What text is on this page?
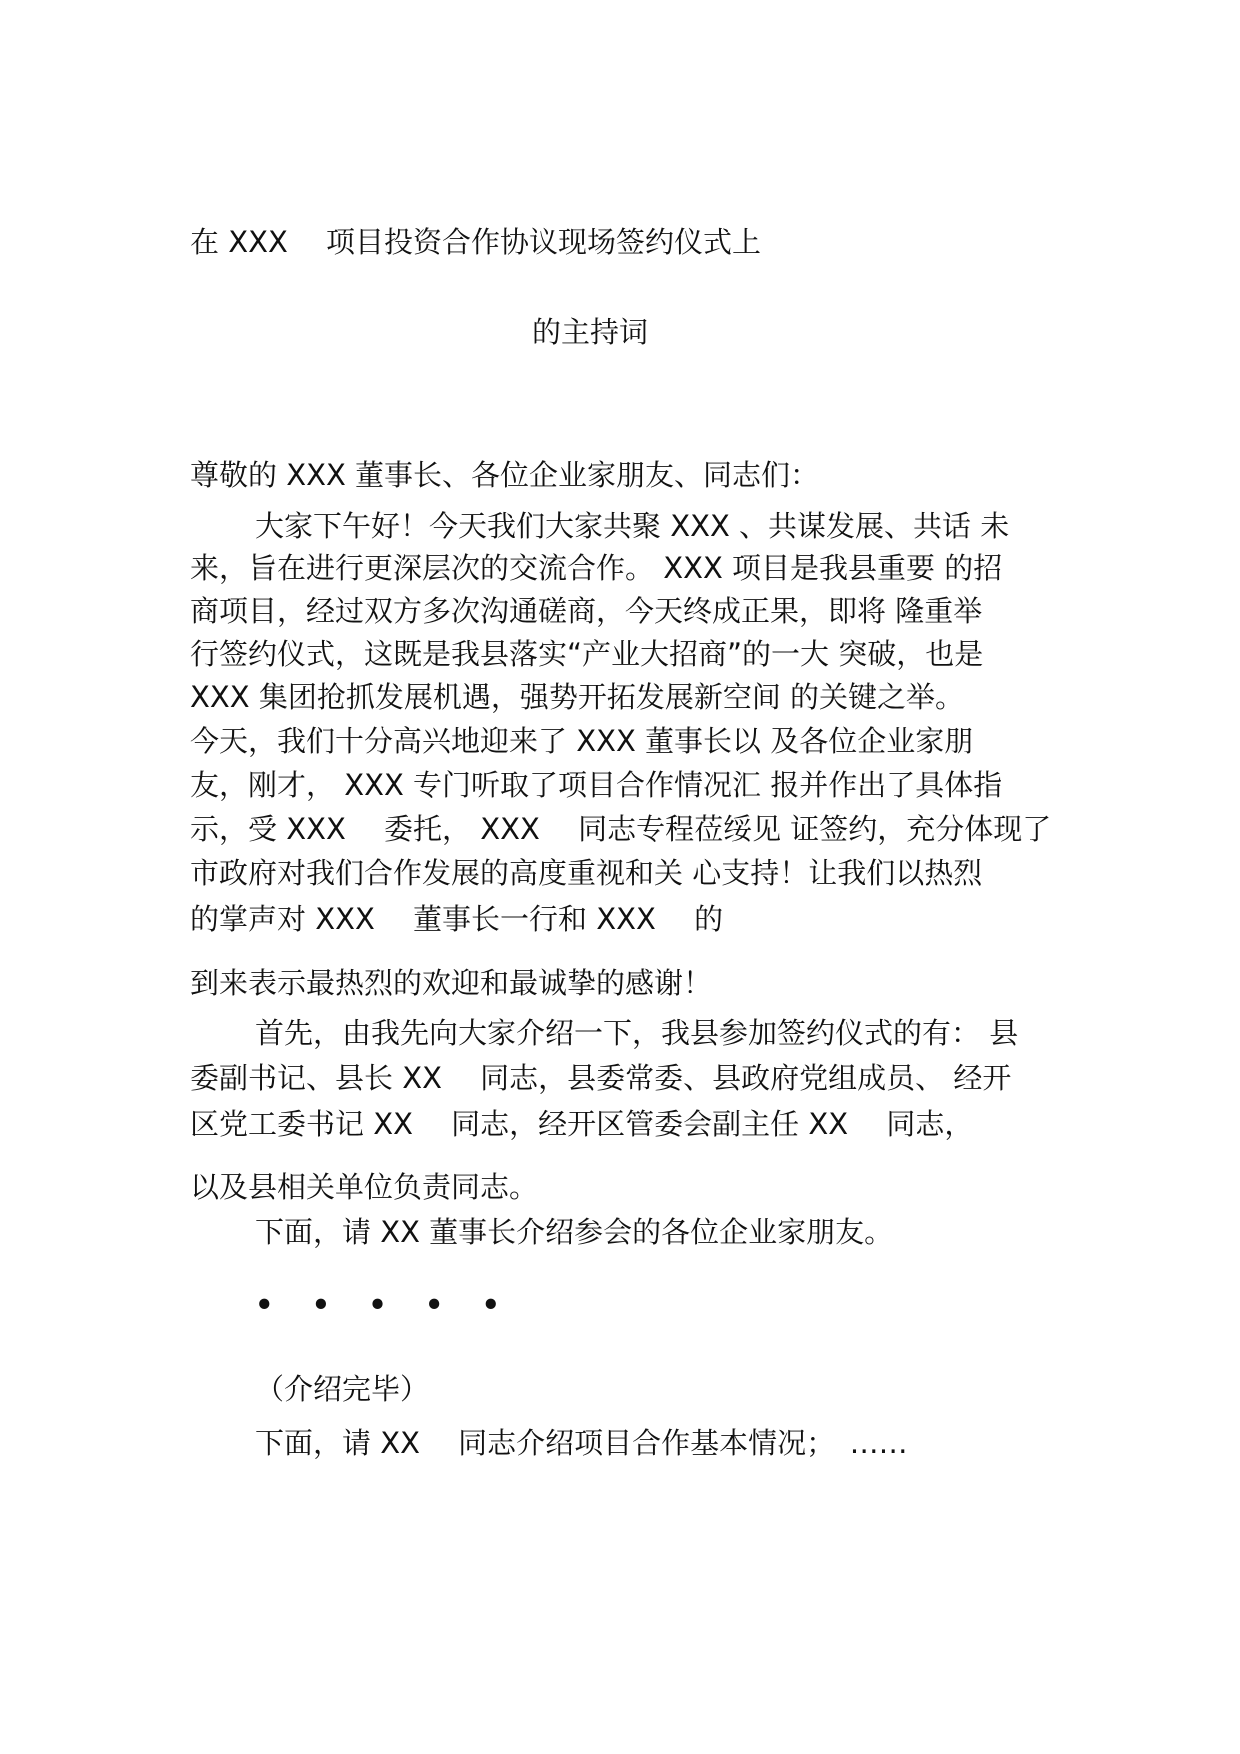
在 XXX　 项目投资合作协议现场签约仪式上
的主持词
尊敬的 XXX 董事长、各位企业家朋友、同志们：
大家下午好！今天我们大家共聚 XXX 、共谋发展、共话 未
来，旨在进行更深层次的交流合作。 XXX 项目是我县重要 的招
商项目，经过双方多次沟通磋商，今天终成正果，即将 隆重举
行签约仪式，这既是我县落实“产业大招商”的一大 突破，也是
XXX 集团抢抓发展机遇，强势开拓发展新空间 的关键之举。
今天，我们十分高兴地迎来了 XXX 董事长以 及各位企业家朋
友，刚才， XXX 专门听取了项目合作情况汇 报并作出了具体指
示，受 XXX　 委托， XXX　 同志专程莅绥见 证签约，充分体现了
市政府对我们合作发展的高度重视和关 心支持！让我们以热烈
的掌声对 XXX　 董事长一行和 XXX　 的
到来表示最热烈的欢迎和最诚挚的感谢！
首先，由我先向大家介绍一下，我县参加签约仪式的有： 县
委副书记、县长 XX　 同志，县委常委、县政府党组成员、 经开
区党工委书记 XX　 同志，经开区管委会副主任 XX　 同志，
以及县相关单位负责同志。
下面，请 XX 董事长介绍参会的各位企业家朋友。
• • • • •
（介绍完毕）
下面，请 XX　 同志介绍项目合作基本情况；　……
